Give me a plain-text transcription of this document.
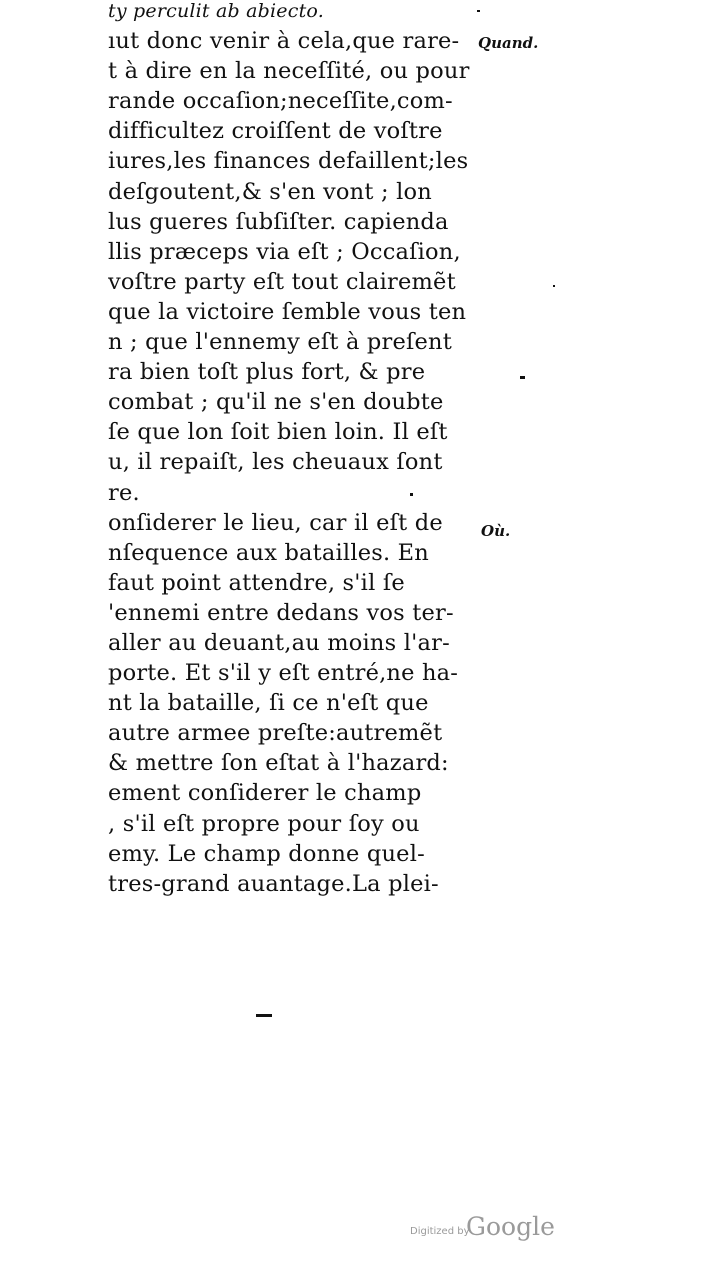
ty perculit ab abiecto.
ıut donc venir à cela,que rare-
t à dire en la neceſſité, ou pour
rande occaſion;neceſſite,com-
difficultez croiſſent de voſtre
iures,les finances defaillent;les
deſgoutent,& s'en vont ; lon
lus gueres ſubſiſter. capienda
llis præceps via eſt ; Occaſion,
voſtre party eſt tout clairemẽt
que la victoire ſemble vous ten
n ; que l'ennemy eſt à preſent
ra bien toſt plus fort, & pre
combat ; qu'il ne s'en doubte
ſe que lon ſoit bien loin. Il eſt
u, il repaiſt, les cheuaux ſont
re.
onſiderer le lieu, car il eſt de
nſequence aux batailles. En
faut point attendre, s'il ſe
'ennemi entre dedans vos ter-
aller au deuant,au moins l'ar-
porte. Et s'il y eſt entré,ne ha-
nt la bataille, ſi ce n'eſt que
autre armee preſte:autremẽt
& mettre ſon eſtat à l'hazard:
ement conſiderer le champ
, s'il eſt propre pour ſoy ou
emy. Le champ donne quel-
tres-grand auantage.La plei-
Quand.
Où.
Digitized by
Google
